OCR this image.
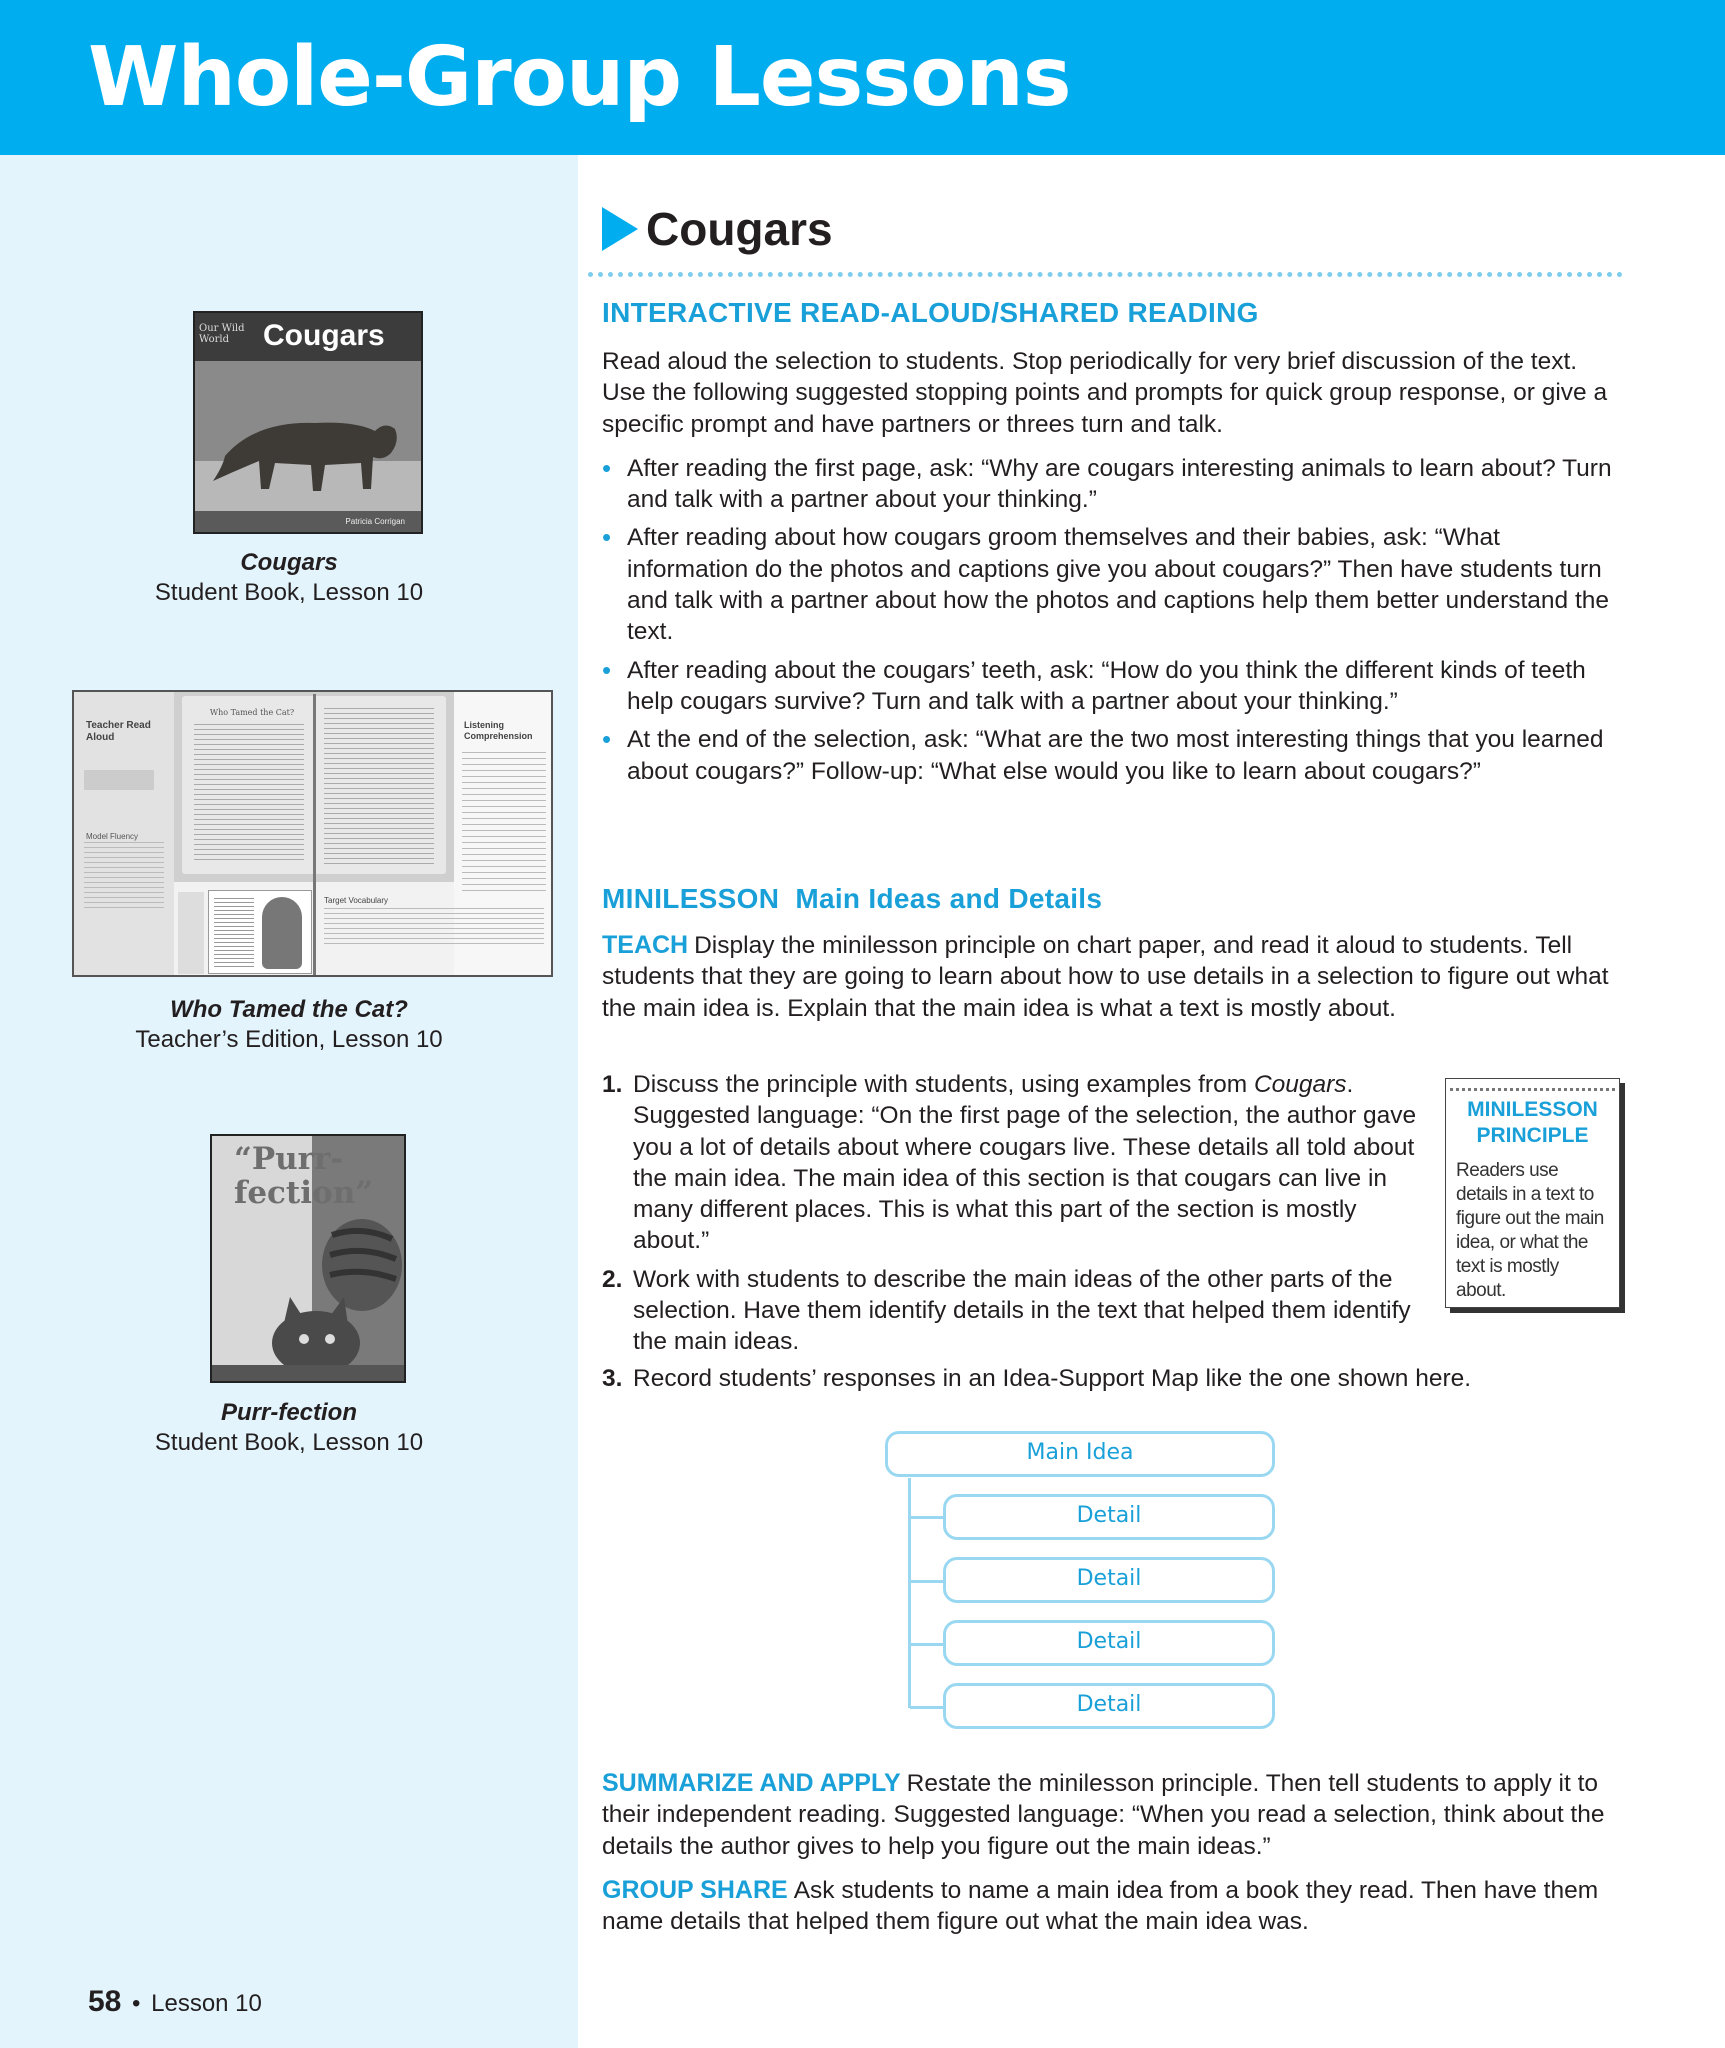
Whole-Group Lessons
Our Wild World	Cougars
Patricia Corrigan
Cougars
Student Book, Lesson 10
Teacher Read Aloud
Model Fluency
Who Tamed the Cat?
Listening Comprehension
Target Vocabulary
Who Tamed the Cat?
Teacher’s Edition, Lesson 10
“Purr-fection”
Purr-fection
Student Book, Lesson 10
Cougars
INTERACTIVE READ-ALOUD/SHARED READING

Read aloud the selection to students. Stop periodically for very brief discussion of the text. Use the following suggested stopping points and prompts for quick group response, or give a specific prompt and have partners or threes turn and talk.

• After reading the first page, ask: “Why are cougars interesting animals to learn about? Turn and talk with a partner about your thinking.”
• After reading about how cougars groom themselves and their babies, ask: “What information do the photos and captions give you about cougars?” Then have students turn and talk with a partner about how the photos and captions help them better understand the text.
• After reading about the cougars’ teeth, ask: “How do you think the different kinds of teeth help cougars survive? Turn and talk with a partner about your thinking.”
• At the end of the selection, ask: “What are the two most interesting things that you learned about cougars?” Follow-up: “What else would you like to learn about cougars?”
MINILESSON Main Ideas and Details

TEACH Display the minilesson principle on chart paper, and read it aloud to students. Tell students that they are going to learn about how to use details in a selection to figure out what the main idea is. Explain that the main idea is what a text is mostly about.

1. Discuss the principle with students, using examples from Cougars. Suggested language: “On the first page of the selection, the author gave you a lot of details about where cougars live. These details all told about the main idea. The main idea of this section is that cougars can live in many different places. This is what this part of the section is mostly about.”
2. Work with students to describe the main ideas of the other parts of the selection. Have them identify details in the text that helped them identify the main ideas.
3. Record students’ responses in an Idea-Support Map like the one shown here.
MINILESSON PRINCIPLE
Readers use details in a text to figure out the main idea, or what the text is mostly about.
Main Idea
Detail
Detail
Detail
Detail

SUMMARIZE AND APPLY Restate the minilesson principle. Then tell students to apply it to their independent reading. Suggested language: “When you read a selection, think about the details the author gives to help you figure out the main ideas.”

GROUP SHARE Ask students to name a main idea from a book they read. Then have them name details that helped them figure out what the main idea was.

58 • Lesson 10
